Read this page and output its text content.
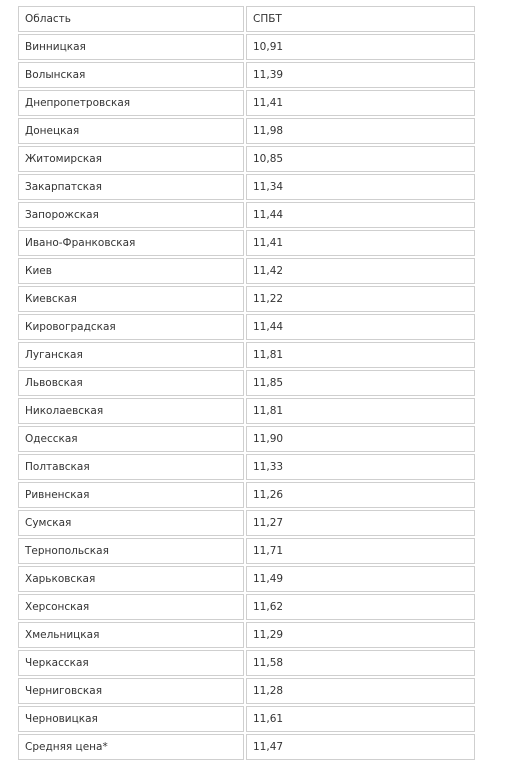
Область	СПБТ
Винницкая	10,91
Волынская	11,39
Днепропетровская	11,41
Донецкая	11,98
Житомирская	10,85
Закарпатская	11,34
Запорожская	11,44
Ивано-Франковская	11,41
Киев	11,42
Киевская	11,22
Кировоградская	11,44
Луганская	11,81
Львовская	11,85
Николаевская	11,81
Одесская	11,90
Полтавская	11,33
Ривненская	11,26
Сумская	11,27
Тернопольская	11,71
Харьковская	11,49
Херсонская	11,62
Хмельницкая	11,29
Черкасская	11,58
Черниговская	11,28
Черновицкая	11,61
Средняя цена*	11,47
